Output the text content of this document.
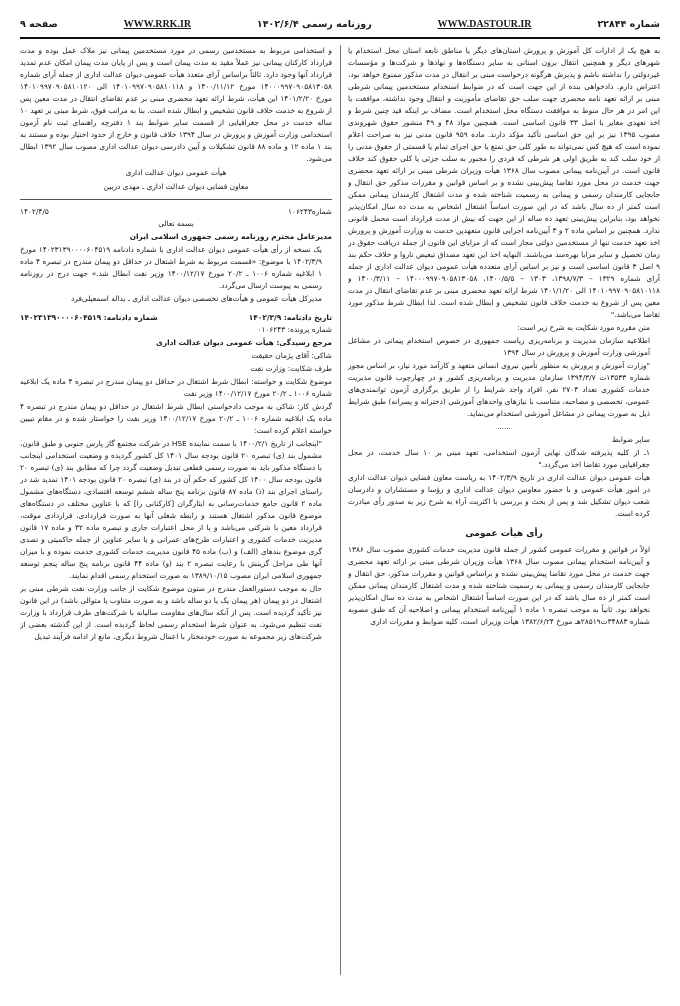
شماره ۲۲۸۴۴
WWW.DASTOUR.IR
روزنامه رسمی ۱۴۰۲/۶/۴
WWW.RRK.IR
صفحه ۹

به هیچ یک از ادارات کل آموزش و پرورش استان‌های دیگر یا مناطق تابعه استان محل استخدام یا شهرهای دیگر و همچنین انتقال برون استانی به سایر دستگاه‌ها و نهادها و شرکت‌ها و مؤسسات غیردولتی را نداشته باشم و پذیرش هرگونه درخواست مبنی بر انتقال در مدت مذکور ممنوع خواهد بود، اعتراض دارم. دادخواهی بنده از این جهت است که در ضوابط استخدام مستخدمین پیمانی شرطی مبنی بر ارائه تعهد نامه محضری جهت سلب حق تقاضای مأموریت و انتقال وجود نداشته، موافقت با این امر در هر حال منوط به موافقت دستگاه محل استخدام است. مضاف بر اینکه قید چنین شرط و اخذ تعهدی مغایر با اصل ۳۳ قانون اساسی است. همچنین مواد ۴۸ و ۴۹ منشور حقوق شهروندی مصوب ۱۳۹۵ نیز بر این حق اساسی تأکید مؤکد دارند. ماده ۹۵۹ قانون مدنی نیز به صراحت اعلام نموده است که هیچ کس نمی‌تواند به طور کلی حق تمتع یا حق اجرای تمام یا قسمتی از حقوق مدنی را از خود سلب کند به طریق اولی هر شرطی که فردی را مجبور به سلب جزئی یا کلی حقوق کند خلاف قانون است. در آیین‌نامه پیمانی مصوب سال ۱۳۶۸ هیأت وزیران شرطی مبنی بر ارائه تعهد محضری جهت خدمت در محل مورد تقاضا پیش‌بینی نشده و بر اساس قوانین و مقررات مذکور حق انتقال و جابجایی کارمندان رسمی و پیمانی به رسمیت شناخته شده و مدت اشتغال کارمندان پیمانی ممکن است کمتر از ده سال باشد که در این صورت اساساً اشتغال اشخاص به مدت ده سال امکان‌پذیر نخواهد بود، بنابراین پیش‌بینی تعهد ده ساله از این جهت که بیش از مدت قرارداد است محمل قانونی ندارد. همچنین بر اساس ماده ۲ و ۳ آیین‌نامه اجرایی قانون متعهدین خدمت به وزارت آموزش و پرورش اخذ تعهد خدمت تنها از مستخدمین دولتی مجاز است که از مزایای این قانون از جمله دریافت حقوق در زمان تحصیل و سایر مزایا بهره‌مند می‌باشند. النهایه اخذ این تعهد مصداق تبعیض ناروا و خلاف حکم بند ۹ اصل ۳ قانون اساسی است و نیز بر اساس آرای متعدده هیأت عمومی دیوان عدالت اداری از جمله آرای شماره ۱۳۲۹ – ۱۳۹۸/۷/۳، ۱۳۰۳ – ۱۴۰۰/۵/۵، ۱۴۰۰۰۹۹۷۰۹۰۵۸۱۳۰۵۸ – ۱۴۰۰/۳/۱۱ و ۱۴۰۱۰۹۹۷۰۹۰۵۸۱۰۱۱۸ الی ۱۴۰۱/۱/۲۰ شرط ارائه تعهد محضری مبنی بر عدم تقاضای انتقال در مدت معین پس از شروع به خدمت خلاف قانون تشخیص و ابطال شده است. لذا ابطال شرط مذکور مورد تقاضا می‌باشد."

متن مقرره مورد شکایت به شرح زیر است:

اطلاعیه سازمان مدیریت و برنامه‌ریزی ریاست جمهوری در خصوص استخدام پیمانی در مشاغل آموزشی وزارت آموزش و پرورش در سال ۱۳۹۴

"وزارت آموزش و پرورش به منظور تأمین نیروی انسانی متعهد و کارآمد مورد نیاز، بر اساس مجوز شماره ۱۳۵۳۳ت ۱۳۹۴/۳/۷ سازمان مدیریت و برنامه‌ریزی کشور و در چهارچوب قانون مدیریت خدمات کشوری تعداد ۲۷۰۴ نفر، افراد واجد شرایط را از طریق برگزاری آزمون توانمندی‌های عمومی، تخصصی و مصاحبه، متناسب با نیازهای واحدهای آموزشی (دخترانه و پسرانه) طبق شرایط ذیل به صورت پیمانی در مشاغل آموزشی استخدام می‌نماید.

......

سایر ضوابط

۱ـ از کلیه پذیرفته شدگان نهایی آزمون استخدامی، تعهد مبنی بر ۱۰ سال خدمت، در محل جغرافیایی مورد تقاضا اخذ می‌گردد."

هیأت عمومی دیوان عدالت اداری در تاریخ ۱۴۰۲/۳/۹ به ریاست معاون قضایی دیوان عدالت اداری در امور هیأت عمومی و با حضور معاونین دیوان عدالت اداری و رؤسا و مستشاران و دادرسان شعب دیوان تشکیل شد و پس از بحث و بررسی با اکثریت آراء به شرح زیر به صدور رأی مبادرت کرده است.

رأی هیأت عمومی

اولاً‌ در قوانین و مقررات عمومی کشور از جمله قانون مدیریت خدمات کشوری مصوب سال ۱۳۸۶ و آیین‌نامه استخدام پیمانی مصوب سال ۱۳۶۸ هیأت وزیران شرطی مبنی بر ارائه تعهد محضری جهت خدمت در محل مورد تقاضا پیش‌بینی نشده و براساس قوانین و مقررات مذکور، حق انتقال و جابجایی کارمندان رسمی و پیمانی به رسمیت شناخته شده و مدت اشتغال کارمندان پیمانی ممکن است کمتر از ده سال باشد که در این صورت اساساً اشتغال اشخاص به مدت ده سال امکان‌پذیر نخواهد بود. ثانیاً به موجب تبصره ۱ ماده ۱ آیین‌نامه استخدام پیمانی و اصلاحیه آن که طبق مصوبه شماره ۳۴۸۸۳ت۲۸۵۱۹هـ مورخ ۱۳۸۲/۶/۲۴ هیأت وزیران است، کلیه ضوابط و مقررات اداری

و استخدامی مربوط به مستخدمین رسمی در مورد مستخدمین پیمانی نیز ملاک عمل بوده و مدت قرارداد کارکنان پیمانی نیز عملاً مقید به مدت پیمان است و پس از پایان مدت پیمان امکان عدم تمدید قرارداد آنها وجود دارد. ثالثاً براساس آرای متعدد هیأت عمومی دیوان عدالت اداری از جمله آرای شماره ۱۴۰۰۰۹۹۷۰۹۰۵۸۱۳۰۵۸ مورخ ۱۴۰۰/۱۱/۱۲ و ۱۴۰۱۰۹۹۷۰۹۰۵۸۱۰۱۱۸ الی ۱۴۰۱۰۹۹۷۰۹۰۵۸۱۰۱۲۰ مورخ ۱۴۰۱/۲/۲۰ این هیأت، شرط ارائه تعهد محضری مبنی بر عدم تقاضای انتقال در مدت معین پس از شروع به خدمت خلاف قانون تشخیص و ابطال شده است. بنا به مراتب فوق، شرط مبنی بر تعهد ۱۰ ساله خدمت در محل جغرافیایی از قسمت سایر ضوابط بند ۱ دفترچه راهنمای ثبت نام آزمون استخدامی وزارت آموزش و پرورش در سال ۱۳۹۴ خلاف قانون و خارج از حدود اختیار بوده و مستند به بند ۱ ماده ۱۲ و ماده ۸۸ قانون تشکیلات و آیین دادرسی دیوان عدالت اداری مصوب سال ۱۳۹۲ ابطال می‌شود.

هیأت عمومی دیوان عدالت اداری

معاون قضایی دیوان عدالت اداری ـ مهدی دربین

شماره۱۰۶۲۴۳
۱۴۰۲/۴/۵

بسمه تعالی

مدیرعامل محترم روزنامه رسمی جمهوری اسلامی ایران

یک نسخه از رأی هیأت عمومی دیوان عدالت اداری با شماره دادنامه ۱۴۰۲۳۱۳۹۰۰۰۰۶۰۴۵۱۹ مورخ ۱۴۰۲/۳/۹ با موضوع: «قسمت مربوط به شرط اشتغال در حداقل دو پیمان مندرج در تبصره ۴ ماده ۱ ابلاغیه شماره ۱۰۰۶ ـ ۲۰/۲ مورخ ۱۴۰۰/۱۲/۱۷ وزیر نفت ابطال شد.» جهت درج در روزنامه رسمی به پیوست ارسال می‌گردد.

مدیرکل هیأت عمومی و هیأت‌های تخصصی دیوان عدالت اداری ـ یداله اسمعیلی‌فرد

تاریخ دادنامه: ۱۴۰۲/۳/۹
شماره دادنامه: ۱۴۰۲۳۱۳۹۰۰۰۰۶۰۴۵۱۹

شماره پرونده: ۰۱۰۶۲۴۳

مرجع رسیدگی: هیأت عمومی دیوان عدالت اداری

شاکی: آقای پژمان حقیقت

طرف شکایت: وزارت نفت

موضوع شکایت و خواسته: ابطال شرط اشتغال در حداقل دو پیمان مندرج در تبصره ۴ ماده یک ابلاغیه شماره ۱۰۰۶ ـ ۲۰/۲ مورخ ۱۴۰۰/۱۲/۱۷ وزیر نفت

گردش کار: شاکی به موجب دادخواستی ابطال شرط اشتغال در حداقل دو پیمان مندرج در تبصره ۴ ماده یک ابلاغیه شماره ۱۰۰۶ ـ ۲۰/۲ مورخ ۱۴۰۰/۱۲/۱۷ وزیر نفت را خواستار شده و در مقام تبیین خواسته اعلام کرده است:

"اینجانب از تاریخ ۱۴۰۰/۲/۱ با سمت نماینده HSE در شرکت مجتمع گاز پارس جنوبی و طبق قانون، مشمول بند (ی) تبصره ۲۰ قانون بودجه سال ۱۴۰۱ کل کشور گردیده و وضعیت استخدامی اینجانب با دستگاه مذکور باید به صورت رسمی قطعی تبدیل وضعیت گردد چرا که مطابق بند (ی) تبصره ۲۰ قانون بودجه سال ۱۴۰۰ کل کشور که حکم آن در بند (ی) تبصره ۲۰ قانون بودجه ۱۴۰۱ تمدید شد در راستای اجرای بند (ذ) ماده ۸۷ قانون برنامه پنج ساله ششم توسعه اقتصادی، دستگاه‌های مشمول ماده ۲ قانون جامع خدمات‌رسانی به ایثارگران [کارکنانی را] که با عناوین مختلف در دستگاه‌های موضوع قانون مذکور اشتغال هستند و رابطه شغلی آنها به صورت قراردادی، قراردادی موقت، قرارداد معین با شرکتی می‌باشد و یا از محل اعتبارات جاری و تبصره ماده ۳۲ و ماده ۱۷ قانون مدیریت خدمات کشوری و اعتبارات طرح‌های عمرانی و یا سایر عناوین از جمله حاکمیتی و تصدی گری موضوع بندهای (الف) و (ب) ماده ۴۵ قانون مدیریت خدمات کشوری خدمت نموده و با میزان آنها طی مراحل گزینش با رعایت تبصره ۲ بند (و) ماده ۴۴ قانون برنامه پنج ساله پنجم توسعه جمهوری اسلامی ایران مصوب ۱۳۸۹/۱۰/۱۵ به صورت استخدام رسمی اقدام نمایند.

حال به موجب دستورالعمل مندرج در ستون موضوع شکایت از جانب وزارت نفت شرطی مبنی بر اشتغال در دو پیمان (هر پیمان یک یا دو ساله باشد و به صورت متناوب یا متوالی باشد) در این قانون نیز تأکید گردیده است. پس از آنکه سال‌های مقاومت سالیانه با شرکت‌های طرف قرارداد با وزارت نفت تنظیم می‌شود، به عنوان شرط استخدام رسمی لحاظ گردیده است. از این گذشته بعضی از شرکت‌های زیر مجموعه به صورت خودمختار با اعمال شروط دیگری، مانع از ادامه فرآیند تبدیل
